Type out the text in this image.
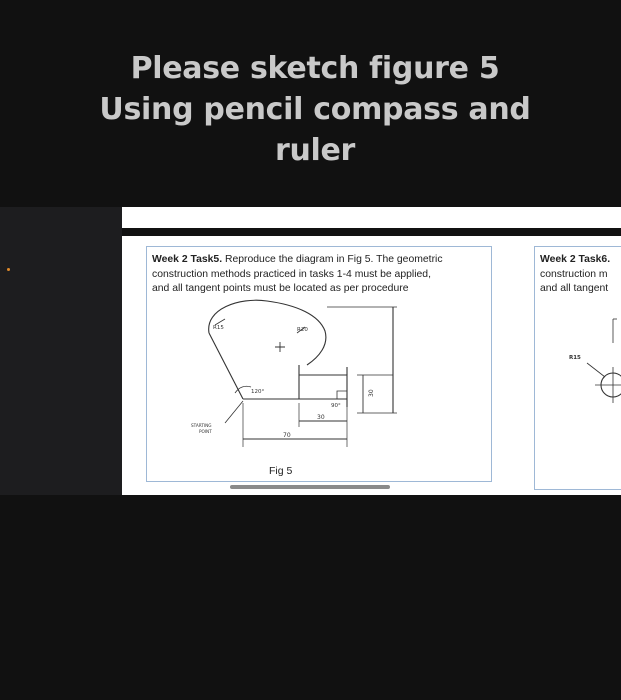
Please sketch figure 5
Using pencil compass and
ruler
Week 2 Task5. Reproduce the diagram in Fig 5. The geometric
construction methods practiced in tasks 1-4 must be applied,
and all tangent points must be located as per procedure
R15	R20
120°
90°
30
70
30
STARTING
POINT
Fig 5
Week 2 Task6.
construction m
and all tangent
R15
